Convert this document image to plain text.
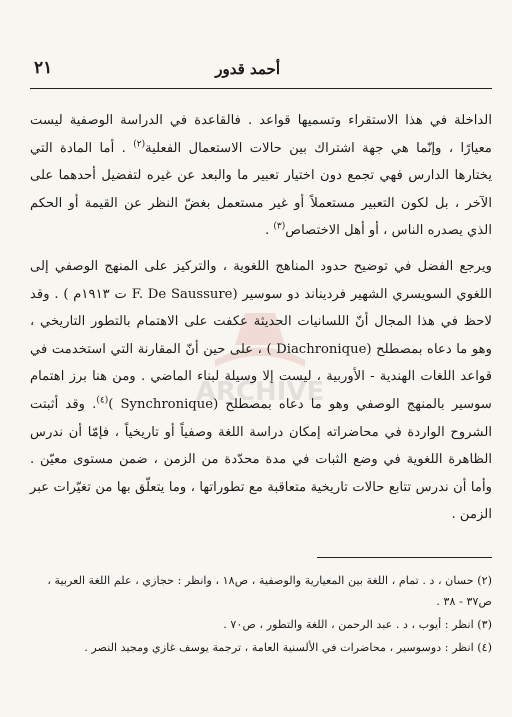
ARCHIVE
أحمد قدور
٢١

الداخلة في هذا الاستقراء وتسميها قواعد . فالقاعدة في الدراسة الوصفية ليست معيارًا ، وإنّما هي جهة اشتراك بين حالات الاستعمال الفعلية$^{(٢)}$ . أما المادة التي يختارها الدارس فهي تجمع دون اختيار تعبير ما والبعد عن غيره لتفضيل أحدهما على الآخر ، بل لكون التعبير مستعملاً أو غير مستعمل بغضّ النظر عن القيمة أو الحكم الذي يصدره الناس ، أو أهل الاختصاص$^{(٣)}$ .

ويرجع الفضل في توضيح حدود المناهج اللغوية ، والتركيز على المنهج الوصفي إلى اللغوي السويسري الشهير فرديناند دو سوسير (F. De Saussure ت ١٩١٣م ) . وقد لاحظ في هذا المجال أنّ اللسانيات الحديثة عكفت على الاهتمام بالتطور التاريخي ، وهو ما دعاه بمصطلح (Diachronique ) ، على حين أنّ المقارنة التي استخدمت في قواعد اللغات الهندية - الأوربية ، ليست إلا وسيلة لبناء الماضي . ومن هنا برز اهتمام سوسير بالمنهج الوصفي وهو ما دعاه بمصطلح (Synchronique )$^{(٤)}$. وقد أثبتت الشروح الواردة في محاضراته إمكان دراسة اللغة وصفياً أو تاريخياً ، فإمّا أن ندرس الظاهرة اللغوية في وضع الثبات في مدة محدّدة من الزمن ، ضمن مستوى معيّن . وأما أن ندرس تتابع حالات تاريخية متعاقبة مع تطوراتها ، وما يتعلّق بها من تغيّرات عبر الزمن .

(٢) حسان ، د . تمام ، اللغة بين المعيارية والوصفية ، ص١٨ ، وانظر : حجازي ، علم اللغة العربية ، ص٣٧ - ٣٨ .

(٣) انظر : أيوب ، د . عبد الرحمن ، اللغة والتطور ، ص٧٠ .

(٤) انظر : دوسوسير ، محاضرات في الألسنية العامة ، ترجمة يوسف غازي ومجيد النصر .
